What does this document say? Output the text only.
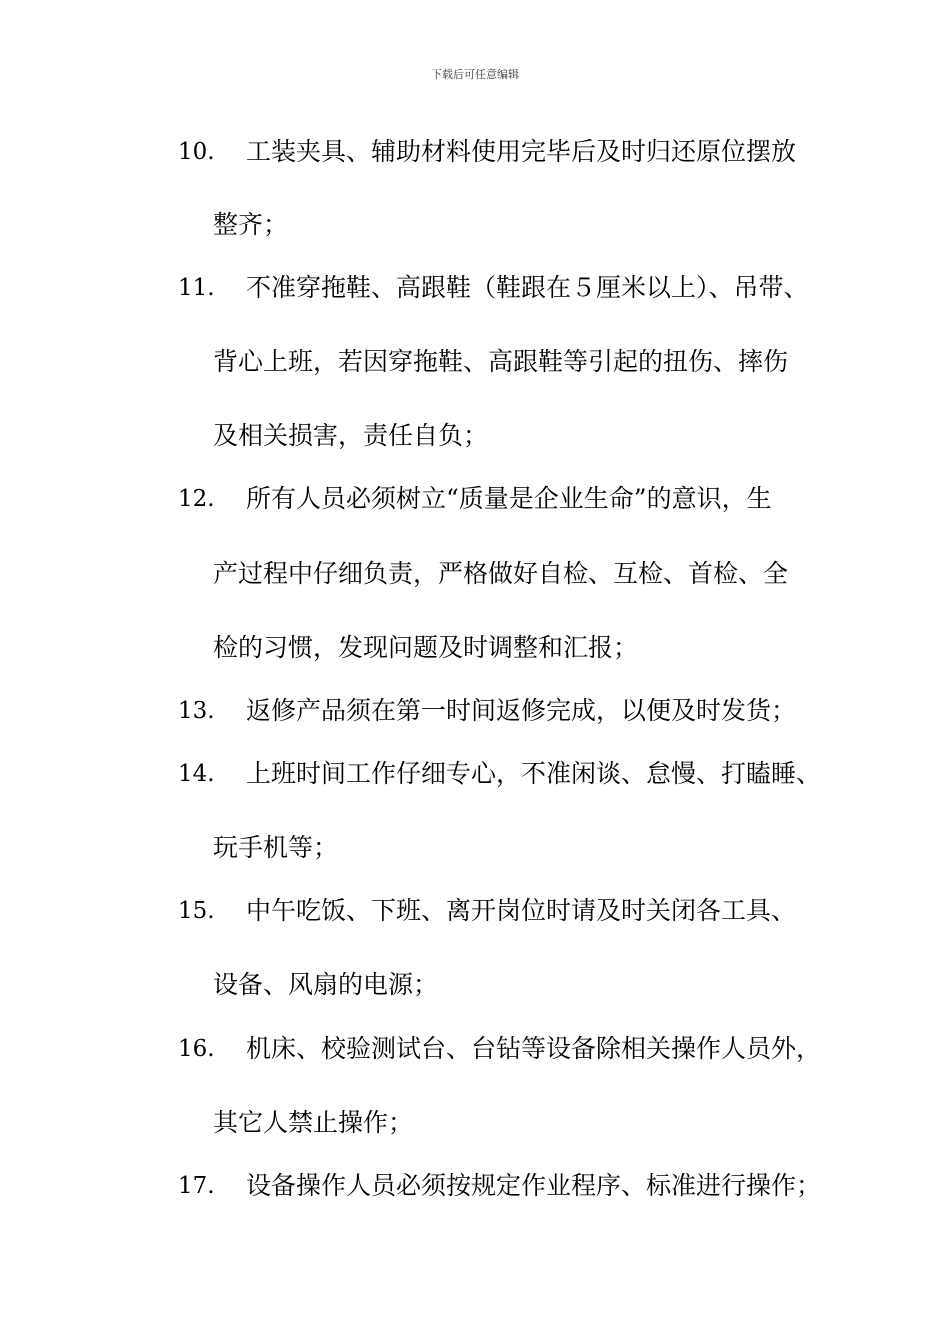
下载后可任意编辑
10. 工装夹具、辅助材料使用完毕后及时归还原位摆放
整齐；
11. 不准穿拖鞋、高跟鞋（鞋跟在５厘米以上）、吊带、
背心上班，若因穿拖鞋、高跟鞋等引起的扭伤、摔伤
及相关损害，责任自负；
12. 所有人员必须树立“质量是企业生命”的意识，生
产过程中仔细负责，严格做好自检、互检、首检、全
检的习惯，发现问题及时调整和汇报；
13. 返修产品须在第一时间返修完成，以便及时发货；
14. 上班时间工作仔细专心，不准闲谈、怠慢、打瞌睡、
玩手机等；
15. 中午吃饭、下班、离开岗位时请及时关闭各工具、
设备、风扇的电源；
16. 机床、校验测试台、台钻等设备除相关操作人员外，
其它人禁止操作；
17. 设备操作人员必须按规定作业程序、标准进行操作；
